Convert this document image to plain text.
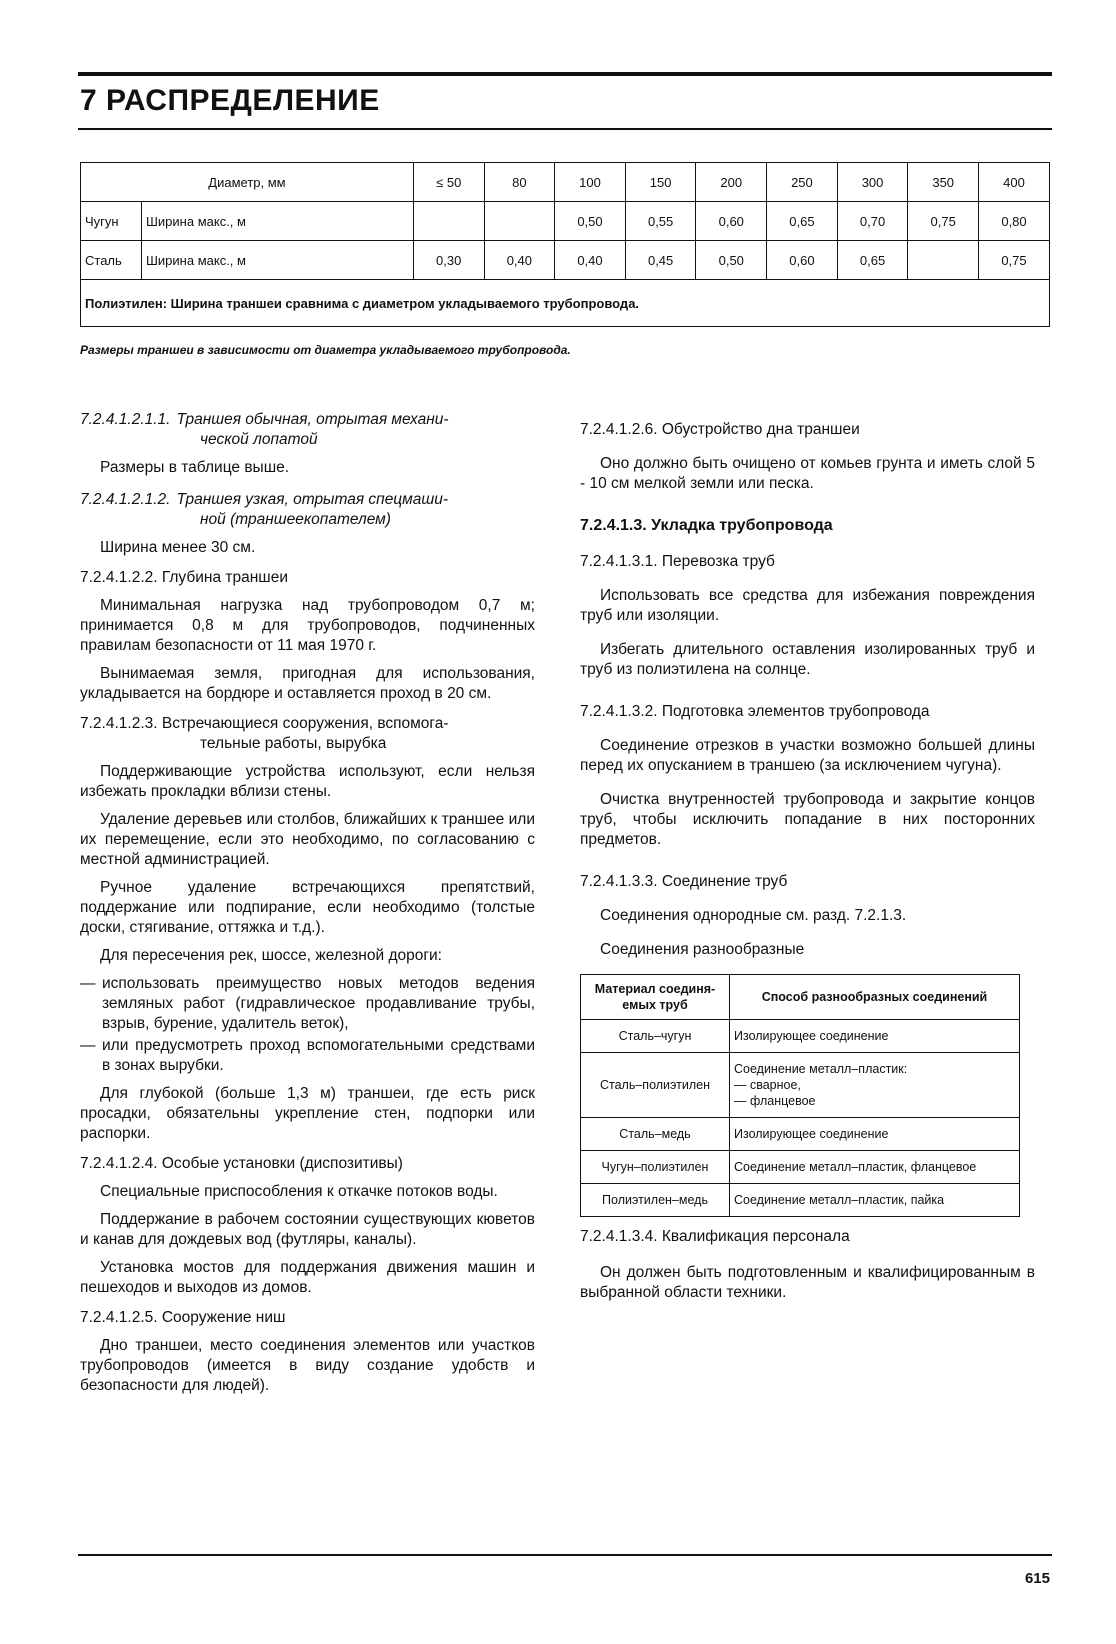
7 РАСПРЕДЕЛЕНИЕ
Диаметр, мм		≤ 50	80	100	150	200	250	300	350	400
Чугун	Ширина макс., м			0,50	0,55	0,60	0,65	0,70	0,75	0,80
Сталь	Ширина макс., м	0,30	0,40	0,40	0,45	0,50	0,60	0,65		0,75
Полиэтилен: Ширина траншеи сравнима с диаметром укладываемого трубопровода.										
Размеры траншеи в зависимости от диаметра укладываемого трубопровода.

7.2.4.1.2.1.1. Траншея обычная, отрытая механи-
ческой лопатой

Размеры в таблице выше.

7.2.4.1.2.1.2. Траншея узкая, отрытая спецмаши-
ной (траншеекопателем)

Ширина менее 30 см.

7.2.4.1.2.2. Глубина траншеи

Минимальная нагрузка над трубопроводом 0,7 м; принимается 0,8 м для трубопроводов, подчиненных правилам безопасности от 11 мая 1970 г.

Вынимаемая земля, пригодная для использования, укладывается на бордюре и оставляется проход в 20 см.

7.2.4.1.2.3. Встречающиеся сооружения, вспомога-
тельные работы, вырубка

Поддерживающие устройства используют, если нельзя избежать прокладки вблизи стены.

Удаление деревьев или столбов, ближайших к траншее или их перемещение, если это необходимо, по согласованию с местной администрацией.

Ручное удаление встречающихся препятствий, поддержание или подпирание, если необходимо (толстые доски, стягивание, оттяжка и т.д.).

Для пересечения рек, шоссе, железной дороги:

— использовать преимущество новых методов ведения земляных работ (гидравлическое продавливание трубы, взрыв, бурение, удалитель веток),
— или предусмотреть проход вспомогательными средствами в зонах вырубки.

Для глубокой (больше 1,3 м) траншеи, где есть риск просадки, обязательны укрепление стен, подпорки или распорки.

7.2.4.1.2.4. Особые установки (диспозитивы)

Специальные приспособления к откачке потоков воды.

Поддержание в рабочем состоянии существующих кюветов и канав для дождевых вод (футляры, каналы).

Установка мостов для поддержания движения машин и пешеходов и выходов из домов.

7.2.4.1.2.5. Сооружение ниш

Дно траншеи, место соединения элементов или участков трубопроводов (имеется в виду создание удобств и безопасности для людей).

7.2.4.1.2.6. Обустройство дна траншеи

Оно должно быть очищено от комьев грунта и иметь слой 5 - 10 см мелкой земли или песка.

7.2.4.1.3. Укладка трубопровода

7.2.4.1.3.1. Перевозка труб

Использовать все средства для избежания повреждения труб или изоляции.

Избегать длительного оставления изолированных труб и труб из полиэтилена на солнце.

7.2.4.1.3.2. Подготовка элементов трубопровода

Соединение отрезков в участки возможно большей длины перед их опусканием в траншею (за исключением чугуна).

Очистка внутренностей трубопровода и закрытие концов труб, чтобы исключить попадание в них посторонних предметов.

7.2.4.1.3.3. Соединение труб

Соединения однородные см. разд. 7.2.1.3.

Соединения разнообразные

Материал соединяемых труб	Способ разнообразных соединений
Сталь–чугун	Изолирующее соединение
Сталь–полиэтилен	Соединение металл–пластик:
— сварное,
— фланцевое
Сталь–медь	Изолирующее соединение
Чугун–полиэтилен	Соединение металл–пластик, фланцевое
Полиэтилен–медь	Соединение металл–пластик, пайка

7.2.4.1.3.4. Квалификация персонала

Он должен быть подготовленным и квалифицированным в выбранной области техники.

615
